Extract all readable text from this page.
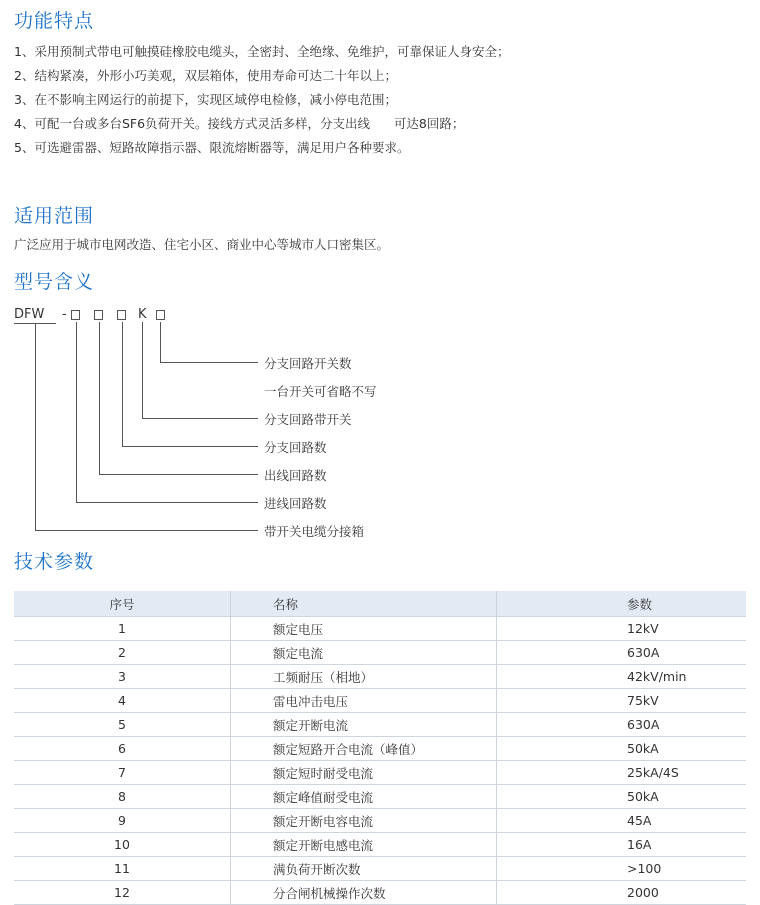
功能特点
1、采用预制式带电可触摸硅橡胶电缆头，全密封、全绝缘、免维护，可靠保证人身安全；
2、结构紧凑，外形小巧美观，双层箱体，使用寿命可达二十年以上；
3、在不影响主网运行的前提下，实现区域停电检修，减小停电范围；
4、可配一台或多台SF6负荷开关。接线方式灵活多样，分支出线      可达8回路；
5、可选避雷器、短路故障指示器、限流熔断器等，满足用户各种要求。
适用范围

广泛应用于城市电网改造、住宅小区、商业中心等城市人口密集区。

型号含义
DFW -	K
分支回路开关数
一台开关可省略不写
分支回路带开关
分支回路数
出线回路数
进线回路数
带开关电缆分接箱
技术参数
序号	名称	参数
1	额定电压	12kV
2	额定电流	630A
3	工频耐压（相地）	42kV/min
4	雷电冲击电压	75kV
5	额定开断电流	630A
6	额定短路开合电流（峰值）	50kA
7	额定短时耐受电流	25kA/4S
8	额定峰值耐受电流	50kA
9	额定开断电容电流	45A
10	额定开断电感电流	16A
11	满负荷开断次数	>100
12	分合闸机械操作次数	2000
